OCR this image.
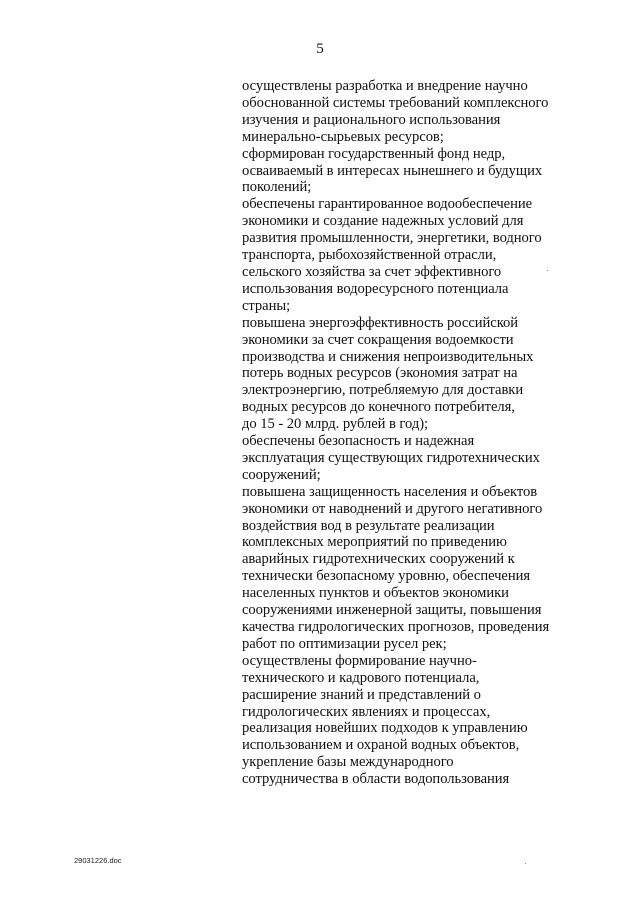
5
осуществлены разработка и внедрение научно
обоснованной системы требований комплексного
изучения и рационального использования
минерально-сырьевых ресурсов;
сформирован государственный фонд недр,
осваиваемый в интересах нынешнего и будущих
поколений;
обеспечены гарантированное водообеспечение
экономики и создание надежных условий для
развития промышленности, энергетики, водного
транспорта, рыбохозяйственной отрасли,
сельского хозяйства за счет эффективного
использования водоресурсного потенциала
страны;
повышена энергоэффективность российской
экономики за счет сокращения водоемкости
производства и снижения непроизводительных
потерь водных ресурсов (экономия затрат на
электроэнергию, потребляемую для доставки
водных ресурсов до конечного потребителя,
до 15 - 20 млрд. рублей в год);
обеспечены безопасность и надежная
эксплуатация существующих гидротехнических
сооружений;
повышена защищенность населения и объектов
экономики от наводнений и другого негативного
воздействия вод в результате реализации
комплексных мероприятий по приведению
аварийных гидротехнических сооружений к
технически безопасному уровню, обеспечения
населенных пунктов и объектов экономики
сооружениями инженерной защиты, повышения
качества гидрологических прогнозов, проведения
работ по оптимизации русел рек;
осуществлены формирование научно-
технического и кадрового потенциала,
расширение знаний и представлений о
гидрологических явлениях и процессах,
реализация новейших подходов к управлению
использованием и охраной водных объектов,
укрепление базы международного
сотрудничества в области водопользования
29031226.doc
